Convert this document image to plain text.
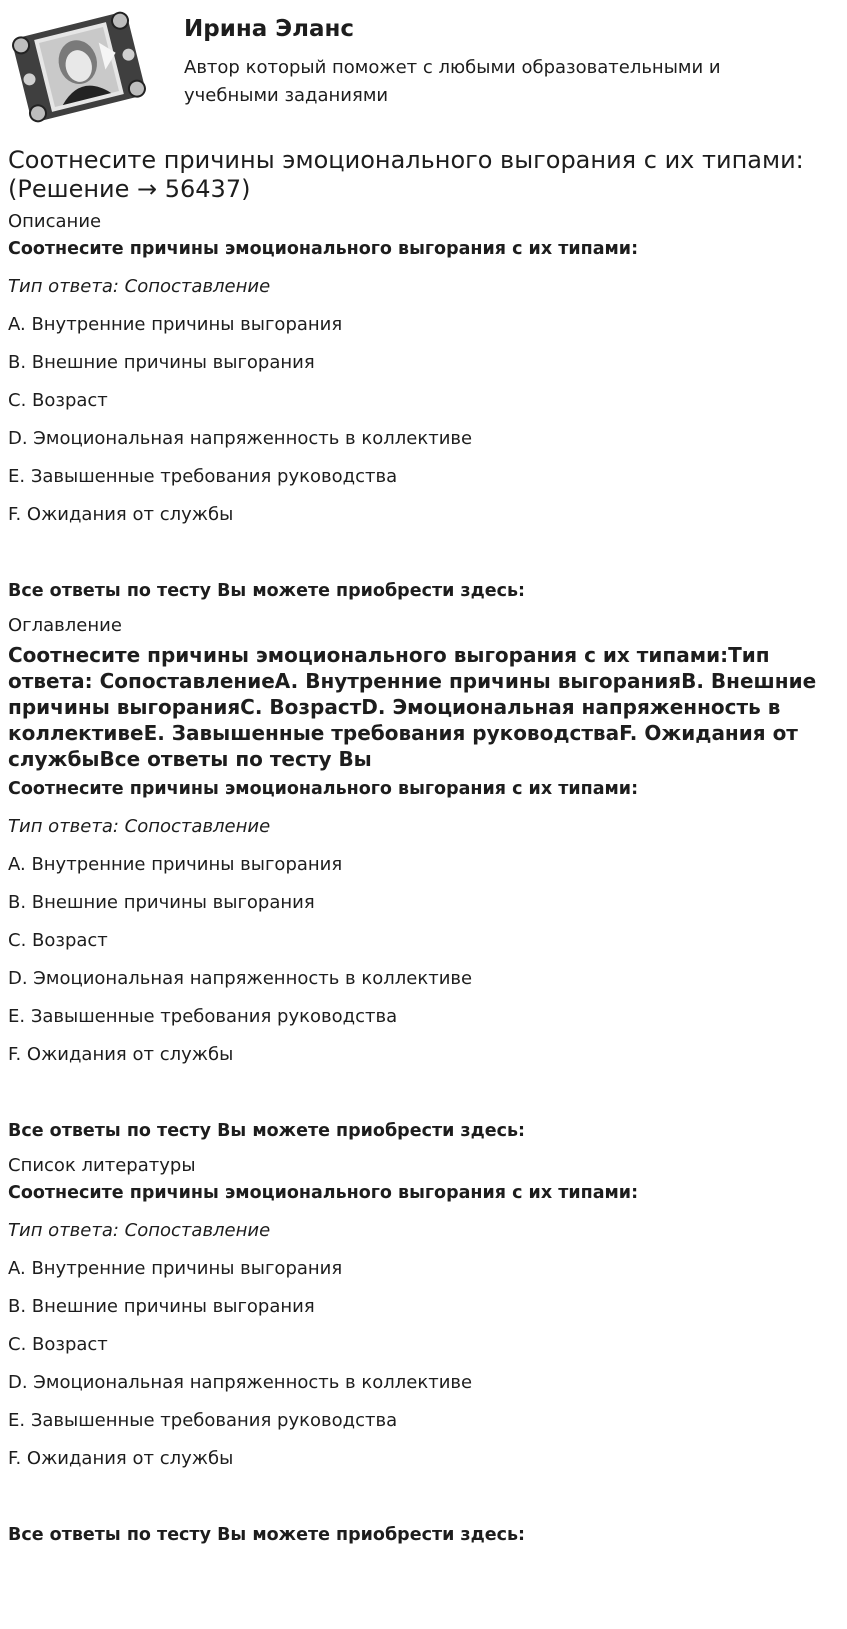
Ирина Эланс
Автор который поможет с любыми образовательными и учебными заданиями
Соотнесите причины эмоционального выгорания с их типами: (Решение → 56437)
Описание

Соотнесите причины эмоционального выгорания с их типами:

Тип ответа: Сопоставление

A. Внутренние причины выгорания

B. Внешние причины выгорания

C. Возраст

D. Эмоциональная напряженность в коллективе

E. Завышенные требования руководства

F. Ожидания от службы

Все ответы по тесту Вы можете приобрести здесь:

Оглавление
Соотнесите причины эмоционального выгорания с их типами:Тип ответа: СопоставлениеA. Внутренние причины выгоранияB. Внешние причины выгоранияC. ВозрастD. Эмоциональная напряженность в коллективеE. Завышенные требования руководстваF. Ожидания от службыВсе ответы по тесту Вы

Соотнесите причины эмоционального выгорания с их типами:

Тип ответа: Сопоставление

A. Внутренние причины выгорания

B. Внешние причины выгорания

C. Возраст

D. Эмоциональная напряженность в коллективе

E. Завышенные требования руководства

F. Ожидания от службы

Все ответы по тесту Вы можете приобрести здесь:

Список литературы

Соотнесите причины эмоционального выгорания с их типами:

Тип ответа: Сопоставление

A. Внутренние причины выгорания

B. Внешние причины выгорания

C. Возраст

D. Эмоциональная напряженность в коллективе

E. Завышенные требования руководства

F. Ожидания от службы

Все ответы по тесту Вы можете приобрести здесь:
